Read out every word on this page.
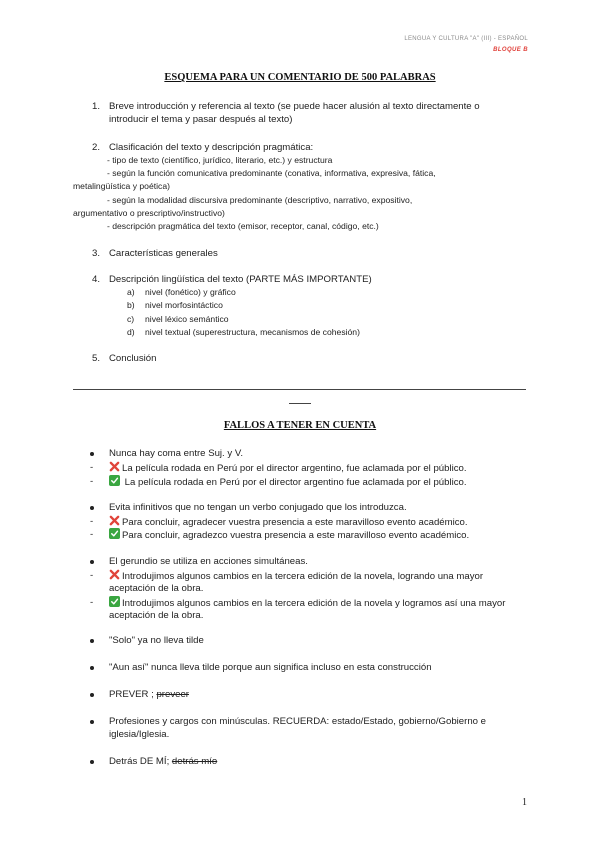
LENGUA Y CULTURA "A" (III) - ESPAÑOL
BLOQUE B
ESQUEMA PARA UN COMENTARIO DE 500 PALABRAS
1. Breve introducción y referencia al texto (se puede hacer alusión al texto directamente o
introducir el tema y pasar después al texto)
2. Clasificación del texto y descripción pragmática:
- tipo de texto (científico, jurídico, literario, etc.) y estructura
- según la función comunicativa predominante (conativa, informativa, expresiva, fática,
metalingüística y poética)
- según la modalidad discursiva predominante (descriptivo, narrativo, expositivo,
argumentativo o prescriptivo/instructivo)
- descripción pragmática del texto (emisor, receptor, canal, código, etc.)
3. Características generales
4. Descripción lingüística del texto (PARTE MÁS IMPORTANTE)
a) nivel (fonético) y gráfico
b) nivel morfosintáctico
c) nivel léxico semántico
d) nivel textual (superestructura, mecanismos de cohesión)
5. Conclusión
FALLOS A TENER EN CUENTA
Nunca hay coma entre Suj. y V.
-	La película rodada en Perú por el director argentino, fue aclamada por el público.
-	La película rodada en Perú por el director argentino fue aclamada por el público.
Evita infinitivos que no tengan un verbo conjugado que los introduzca.
-	Para concluir, agradecer vuestra presencia a este maravilloso evento académico.
-	Para concluir, agradezco vuestra presencia a este maravilloso evento académico.
El gerundio se utiliza en acciones simultáneas.
-	Introdujimos algunos cambios en la tercera edición de la novela, logrando una mayor
aceptación de la obra.
-	Introdujimos algunos cambios en la tercera edición de la novela y logramos así una mayor
aceptación de la obra.
"Solo" ya no lleva tilde
"Aun así" nunca lleva tilde porque aun significa incluso en esta construcción
PREVER ; preveer
Profesiones y cargos con minúsculas. RECUERDA: estado/Estado, gobierno/Gobierno e
iglesia/Iglesia.
Detrás DE MÍ; detrás mío
1
